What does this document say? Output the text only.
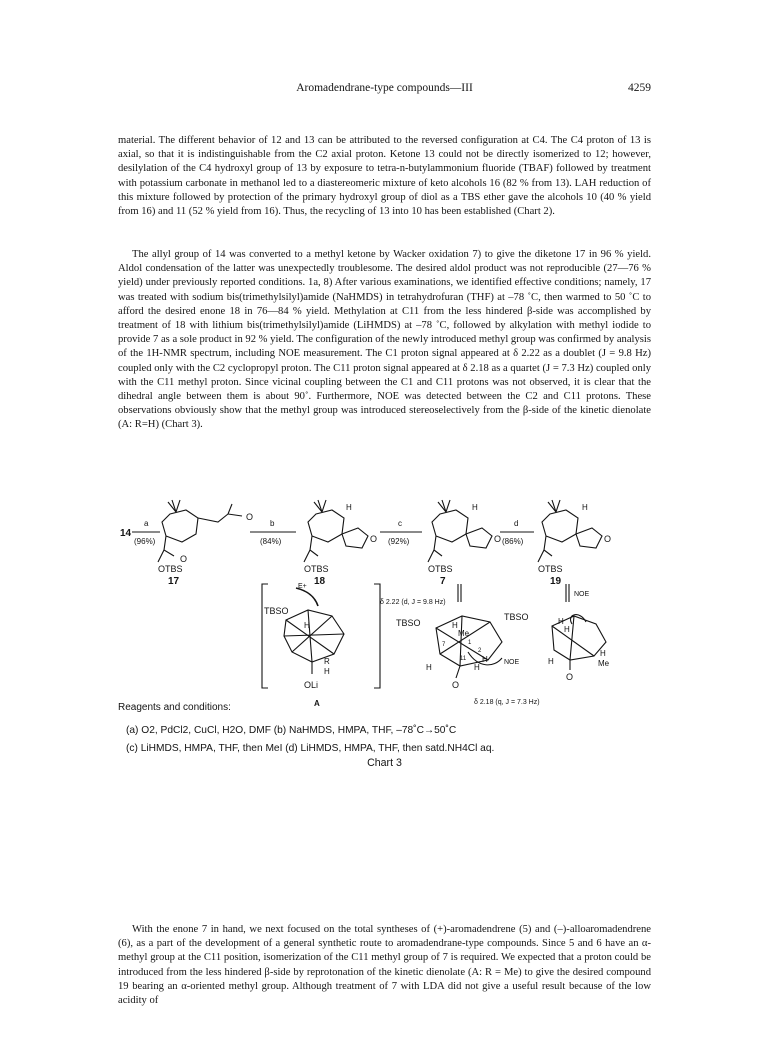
Aromadendrane-type compounds—III	4259

material. The different behavior of 12 and 13 can be attributed to the reversed configuration at C4. The C4 proton of 13 is axial, so that it is indistinguishable from the C2 axial proton. Ketone 13 could not be directly isomerized to 12; however, desilylation of the C4 hydroxyl group of 13 by exposure to tetra-n-butylammonium fluoride (TBAF) followed by treatment with potassium carbonate in methanol led to a diastereomeric mixture of keto alcohols 16 (82 % from 13). LAH reduction of this mixture followed by protection of the primary hydroxyl group of diol as a TBS ether gave the alcohols 10 (40 % yield from 16) and 11 (52 % yield from 16). Thus, the recycling of 13 into 10 has been established (Chart 2).

The allyl group of 14 was converted to a methyl ketone by Wacker oxidation 7) to give the diketone 17 in 96 % yield. Aldol condensation of the latter was unexpectedly troublesome. The desired aldol product was not reproducible (27—76 % yield) under previously reported conditions. 1a, 8) After various examinations, we identified effective conditions; namely, 17 was treated with sodium bis(trimethylsilyl)amide (NaHMDS) in tetrahydrofuran (THF) at –78 ˚C, then warmed to 50 ˚C to afford the desired enone 18 in 76—84 % yield. Methylation at C11 from the less hindered β-side was accomplished by treatment of 18 with lithium bis(trimethylsilyl)amide (LiHMDS) at –78 ˚C, followed by alkylation with methyl iodide to provide 7 as a sole product in 92 % yield. The configuration of the newly introduced methyl group was confirmed by analysis of the 1H-NMR spectrum, including NOE measurement. The C1 proton signal appeared at δ 2.22 as a doublet (J = 9.8 Hz) coupled only with the C2 cyclopropyl proton. The C11 proton signal appeared at δ 2.18 as a quartet (J = 7.3 Hz) coupled only with the C11 methyl proton. Since vicinal coupling between the C1 and C11 protons was not observed, it is clear that the dihedral angle between them is about 90˚. Furthermore, NOE was detected between the C2 and C11 protons. These observations obviously show that the methyl group was introduced stereoselectively from the β-side of the kinetic dienolate (A: R=H) (Chart 3).

14
17	18	7	19
A
a
(96%)
b
(84%)
c
(92%)
d
(86%)
OTBS	OTBS	OTBS	OTBS
O
O	O	O
O
H	H	H
E+
TBSO
H
R
H
OLi
δ 2.22 (d, J = 9.8 Hz)
TBSO	H
Me
1
2
7
11 H
H
NOE
H
O
δ 2.18 (q, J = 7.3 Hz)
NOE
TBSO	H
H
H
H	Me
O
Reagents and conditions:
(a) O2, PdCl2, CuCl, H2O, DMF (b) NaHMDS, HMPA, THF, –78˚C→50˚C
(c) LiHMDS, HMPA, THF, then MeI (d) LiHMDS, HMPA, THF, then satd.NH4Cl aq.
Chart 3

With the enone 7 in hand, we next focused on the total syntheses of (+)-aromadendrene (5) and (–)-alloaromadendrene (6), as a part of the development of a general synthetic route to aromadendrane-type compounds. Since 5 and 6 have an α-methyl group at the C11 position, isomerization of the C11 methyl group of 7 is required. We expected that a proton could be introduced from the less hindered β-side by reprotonation of the kinetic dienolate (A: R = Me) to give the desired compound 19 bearing an α-oriented methyl group. Although treatment of 7 with LDA did not give a useful result because of the low acidity of
